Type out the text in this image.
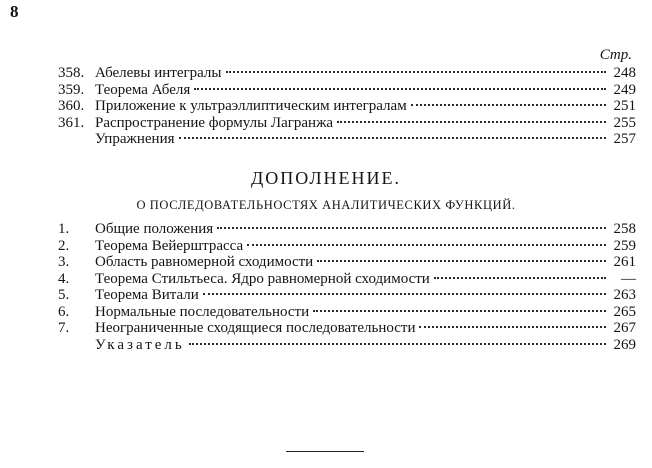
8
Стр.
358. Абелевы интегралы	248
359. Теорема Абеля	249
360. Приложение к ультраэллиптическим интегралам	251
361. Распространение формулы Лагранжа	255
Упражнения	257
ДОПОЛНЕНИЕ.
О ПОСЛЕДОВАТЕЛЬНОСТЯХ АНАЛИТИЧЕСКИХ ФУНКЦИЙ.
1.	Общие положения	258
2.	Теорема Вейерштрасса	259
3.	Область равномерной сходимости	261
4.	Теорема Стильтьеса. Ядро равномерной сходимости	—
5.	Теорема Витали	263
6.	Нормальные последовательности	265
7.	Неограниченные сходящиеся последовательности	267
Указатель	269
